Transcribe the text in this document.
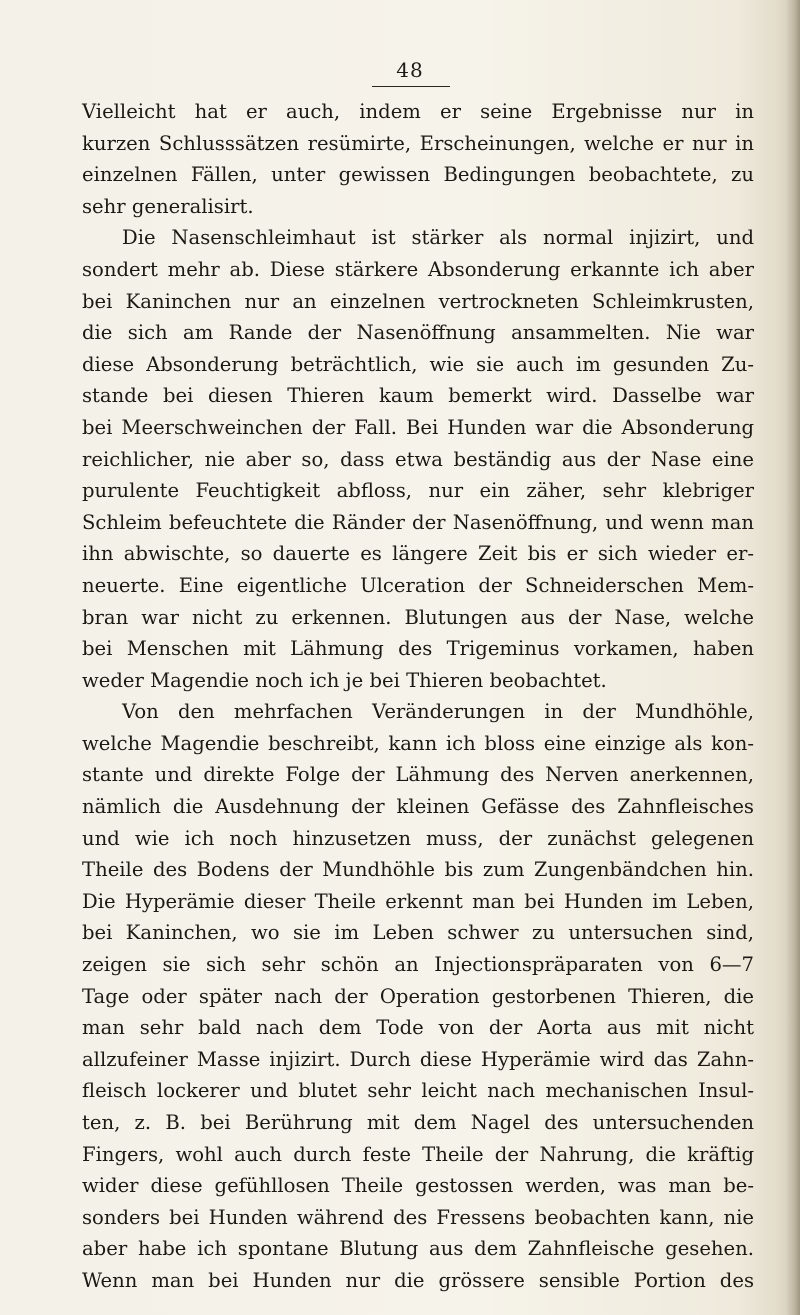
48
Vielleicht hat er auch, indem er seine Ergebnisse nur in
kurzen Schlusssätzen resümirte, Erscheinungen, welche er nur in
einzelnen Fällen, unter gewissen Bedingungen beobachtete, zu
sehr generalisirt.
Die Nasenschleimhaut ist stärker als normal injizirt, und
sondert mehr ab. Diese stärkere Absonderung erkannte ich aber
bei Kaninchen nur an einzelnen vertrockneten Schleimkrusten,
die sich am Rande der Nasenöffnung ansammelten. Nie war
diese Absonderung beträchtlich, wie sie auch im gesunden Zu-
stande bei diesen Thieren kaum bemerkt wird. Dasselbe war
bei Meerschweinchen der Fall. Bei Hunden war die Absonderung
reichlicher, nie aber so, dass etwa beständig aus der Nase eine
purulente Feuchtigkeit abfloss, nur ein zäher, sehr klebriger
Schleim befeuchtete die Ränder der Nasenöffnung, und wenn man
ihn abwischte, so dauerte es längere Zeit bis er sich wieder er-
neuerte. Eine eigentliche Ulceration der Schneiderschen Mem-
bran war nicht zu erkennen. Blutungen aus der Nase, welche
bei Menschen mit Lähmung des Trigeminus vorkamen, haben
weder Magendie noch ich je bei Thieren beobachtet.
Von den mehrfachen Veränderungen in der Mundhöhle,
welche Magendie beschreibt, kann ich bloss eine einzige als kon-
stante und direkte Folge der Lähmung des Nerven anerkennen,
nämlich die Ausdehnung der kleinen Gefässe des Zahnfleisches
und wie ich noch hinzusetzen muss, der zunächst gelegenen
Theile des Bodens der Mundhöhle bis zum Zungenbändchen hin.
Die Hyperämie dieser Theile erkennt man bei Hunden im Leben,
bei Kaninchen, wo sie im Leben schwer zu untersuchen sind,
zeigen sie sich sehr schön an Injectionspräparaten von 6—7
Tage oder später nach der Operation gestorbenen Thieren, die
man sehr bald nach dem Tode von der Aorta aus mit nicht
allzufeiner Masse injizirt. Durch diese Hyperämie wird das Zahn-
fleisch lockerer und blutet sehr leicht nach mechanischen Insul-
ten, z. B. bei Berührung mit dem Nagel des untersuchenden
Fingers, wohl auch durch feste Theile der Nahrung, die kräftig
wider diese gefühllosen Theile gestossen werden, was man be-
sonders bei Hunden während des Fressens beobachten kann, nie
aber habe ich spontane Blutung aus dem Zahnfleische gesehen.
Wenn man bei Hunden nur die grössere sensible Portion des
